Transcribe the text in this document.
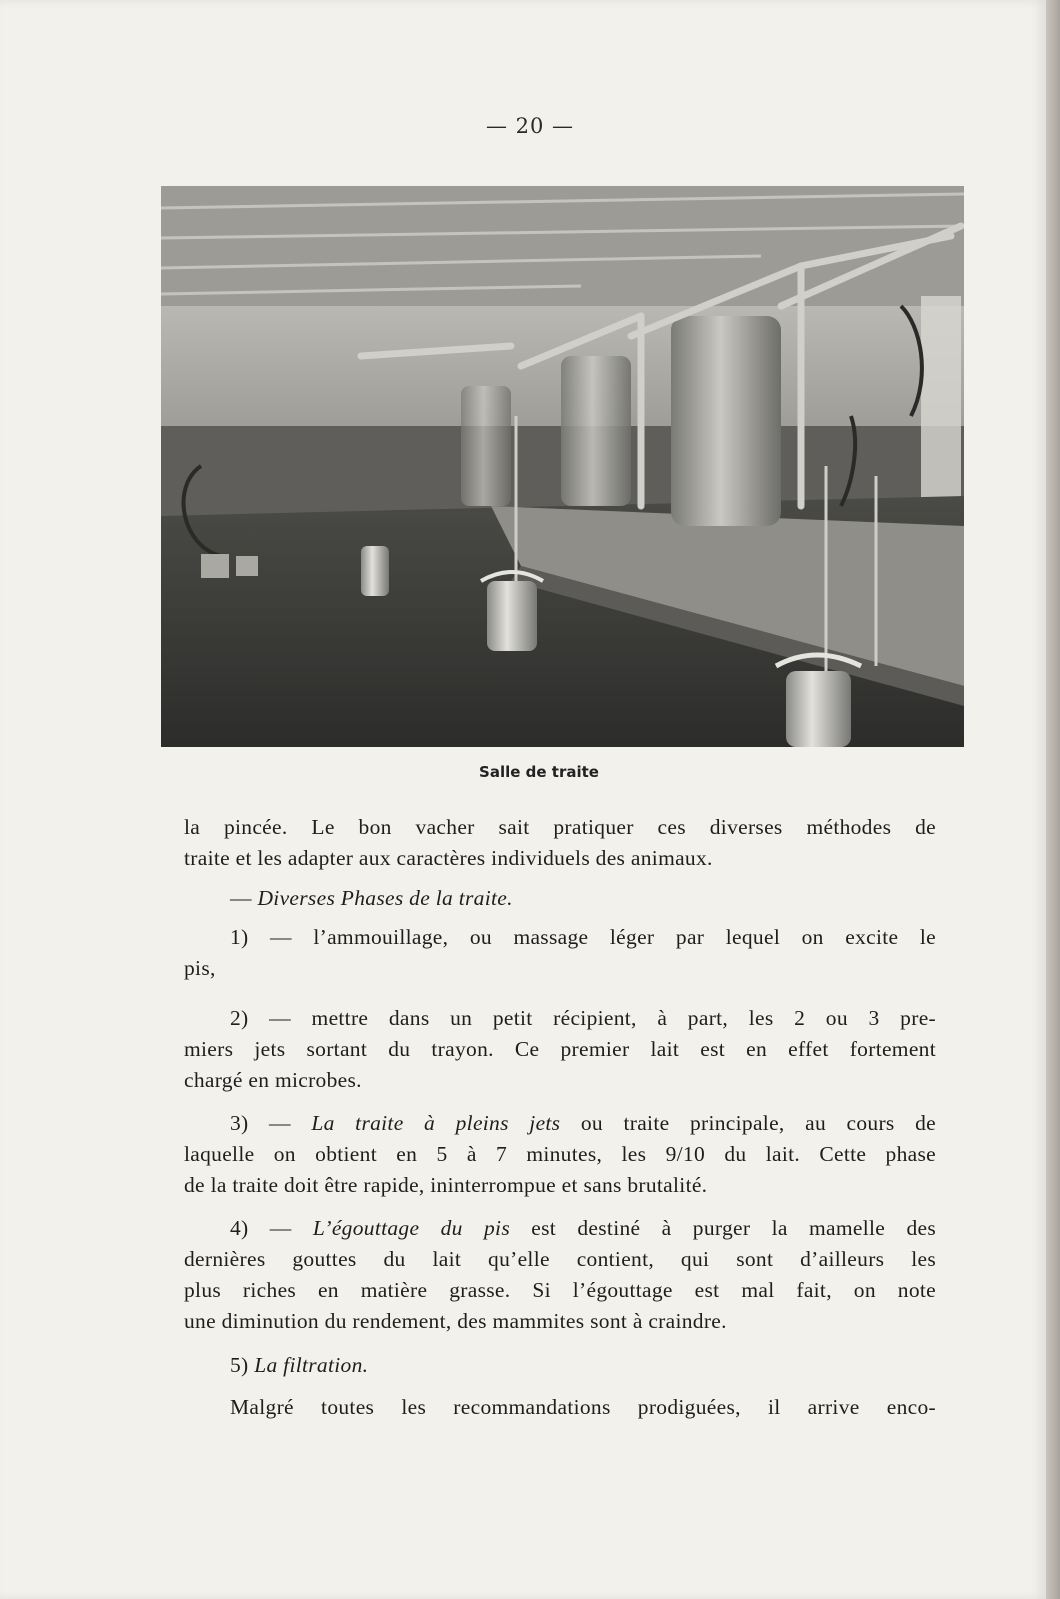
— 20 —
Salle de traite

la pincée. Le bon vacher sait pratiquer ces diverses méthodes de

traite et les adapter aux caractères individuels des animaux.

— Diverses Phases de la traite.

1) — l’ammouillage, ou massage léger par lequel on excite le

pis,

2) — mettre dans un petit récipient, à part, les 2 ou 3 pre-

miers jets sortant du trayon. Ce premier lait est en effet fortement

chargé en microbes.

3) — La traite à pleins jets ou traite principale, au cours de

laquelle on obtient en 5 à 7 minutes, les 9/10 du lait. Cette phase

de la traite doit être rapide, ininterrompue et sans brutalité.

4) — L’égouttage du pis est destiné à purger la mamelle des

dernières gouttes du lait qu’elle contient, qui sont d’ailleurs les

plus riches en matière grasse. Si l’égouttage est mal fait, on note

une diminution du rendement, des mammites sont à craindre.

5) La filtration.

Malgré toutes les recommandations prodiguées, il arrive enco-
